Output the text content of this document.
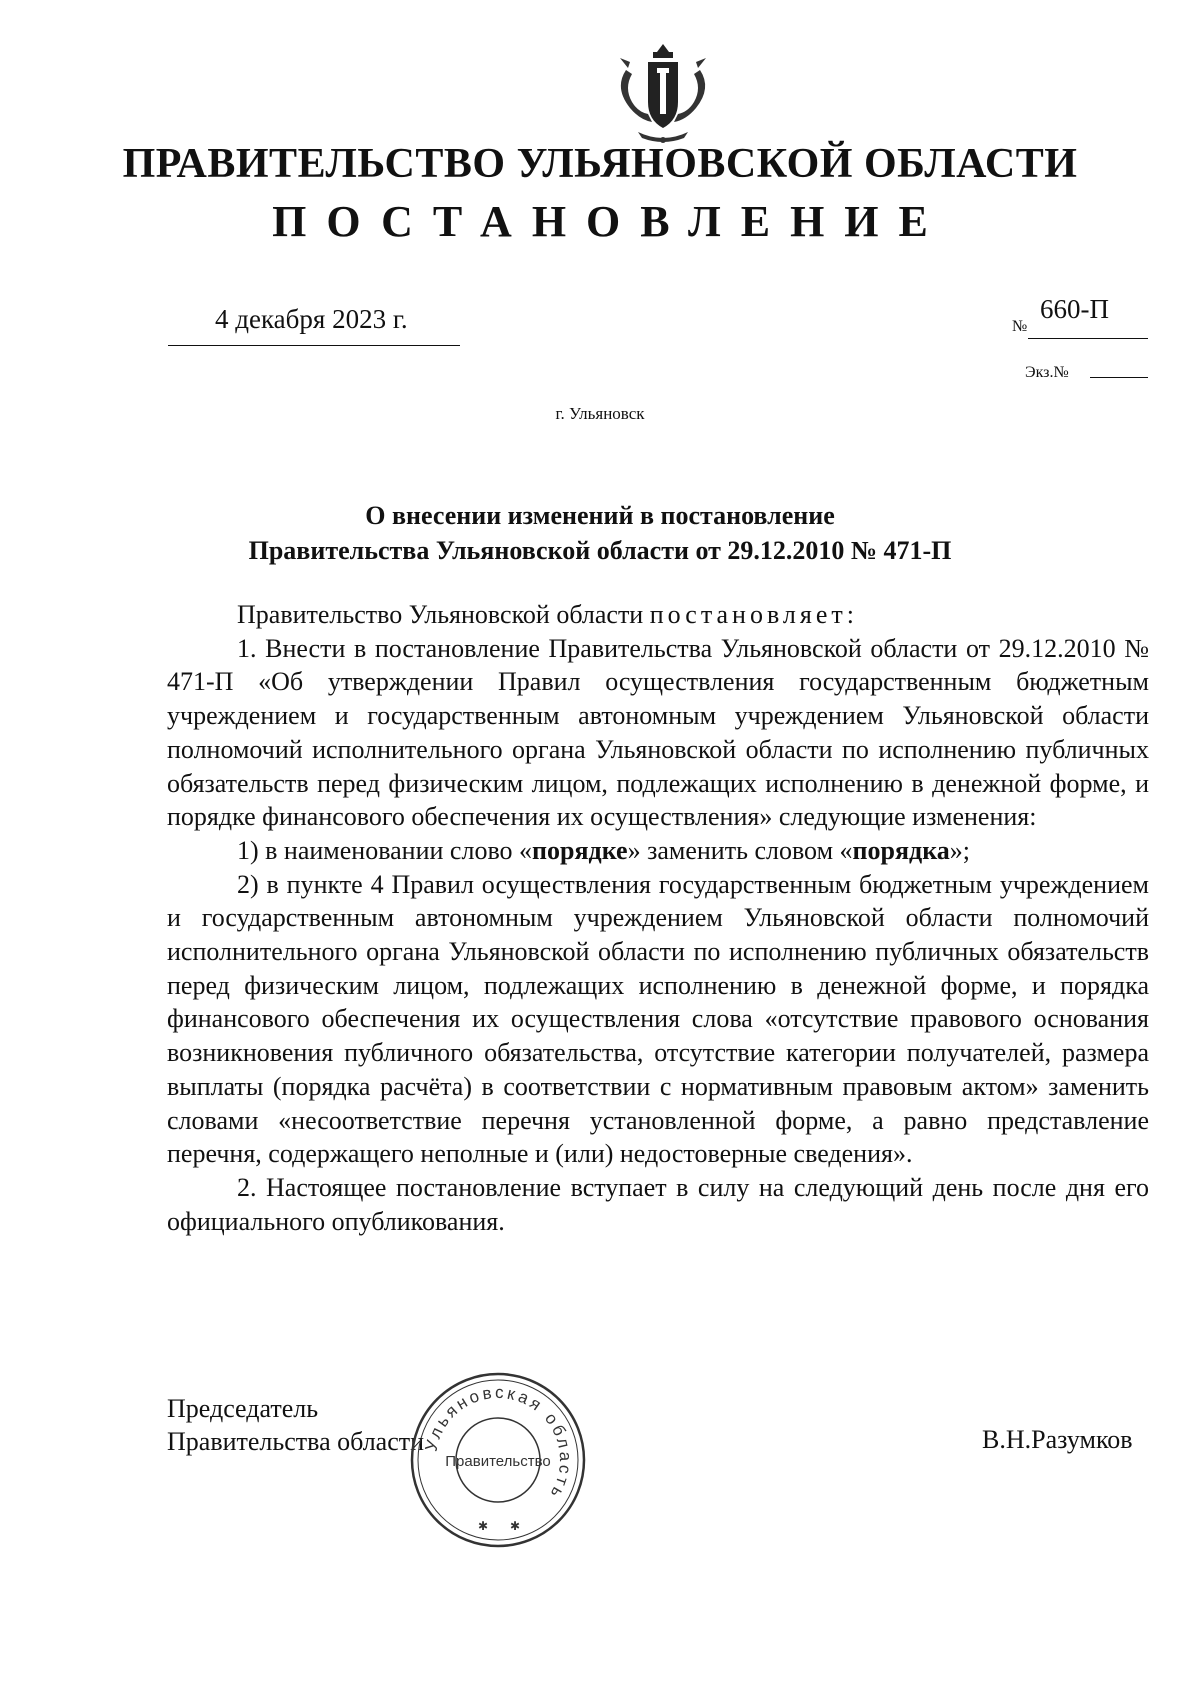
ПРАВИТЕЛЬСТВО УЛЬЯНОВСКОЙ ОБЛАСТИ
ПОСТАНОВЛЕНИЕ
4 декабря 2023 г.	№
660-П
Экз.№
г. Ульяновск
О внесении изменений в постановление
Правительства Ульяновской области от 29.12.2010 № 471-П

Правительство Ульяновской области постановляет:

1. Внести в постановление Правительства Ульяновской области от 29.12.2010 № 471-П «Об утверждении Правил осуществления государственным бюджетным учреждением и государственным автономным учреждением Ульяновской области полномочий исполнительного органа Ульяновской области по исполнению публичных обязательств перед физическим лицом, подлежащих исполнению в денежной форме, и порядке финансового обеспечения их осуществления» следующие изменения:

1) в наименовании слово «порядке» заменить словом «порядка»;

2) в пункте 4 Правил осуществления государственным бюджетным учреждением и государственным автономным учреждением Ульяновской области полномочий исполнительного органа Ульяновской области по исполнению публичных обязательств перед физическим лицом, подлежащих исполнению в денежной форме, и порядка финансового обеспечения их осуществления слова «отсутствие правового основания возникновения публичного обязательства, отсутствие категории получателей, размера выплаты (порядка расчёта) в соответствии с нормативным правовым актом» заменить словами «несоответствие перечня установленной форме, а равно представление перечня, содержащего неполные и (или) недостоверные сведения».

2. Настоящее постановление вступает в силу на следующий день после дня его официального опубликования.

Председатель
Правительства области	В.Н.Разумков
Ульяновская область
Правительство
✱ ✱
